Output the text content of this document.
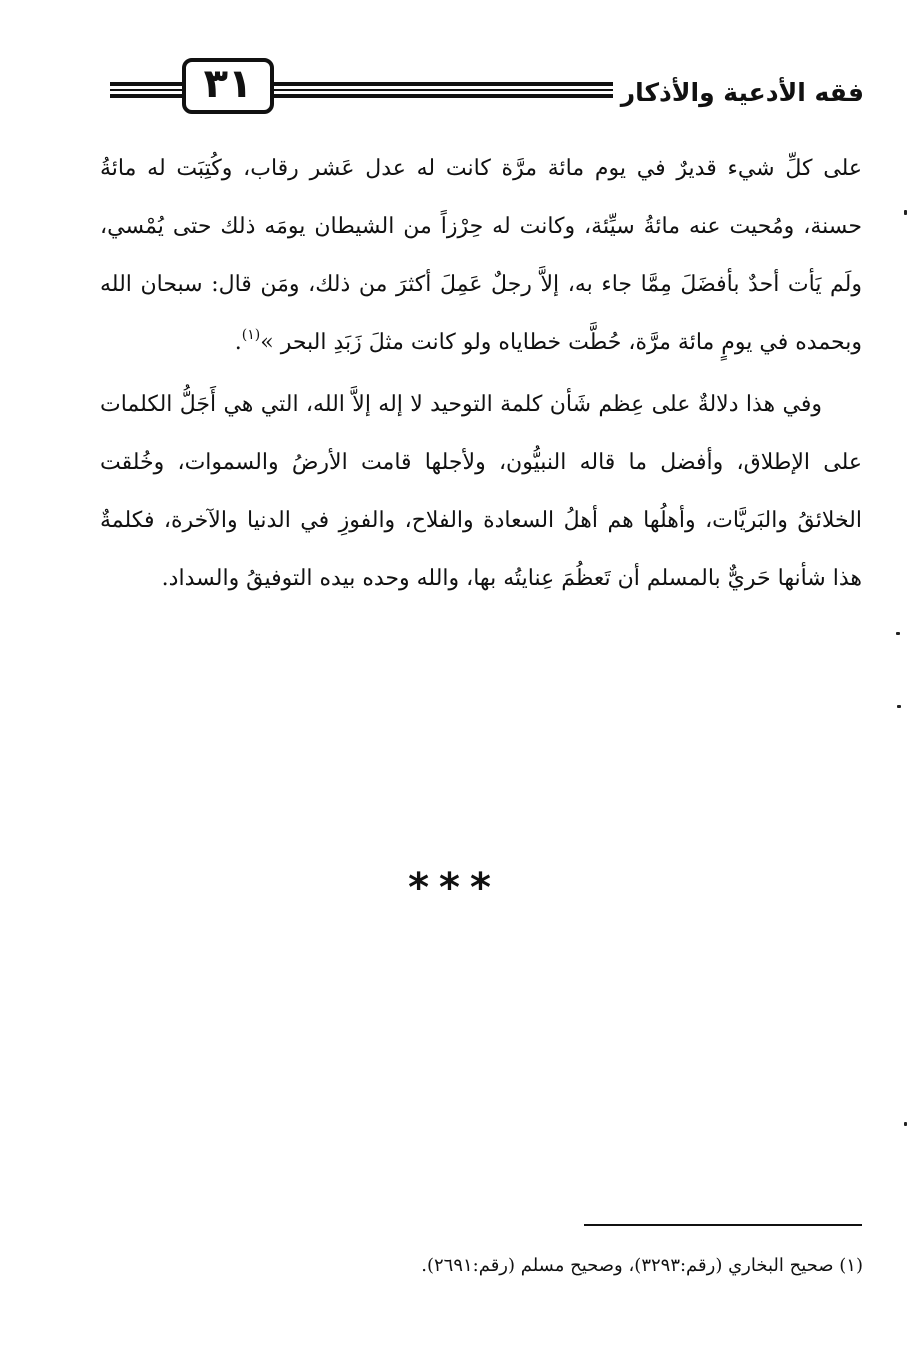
٣١	فقه الأدعية والأذكار

على كلِّ شيء قديرٌ في يوم مائة مرَّة كانت له عدل عَشر رقاب، وكُتِبَت له مائةُ حسنة، ومُحيت عنه مائةُ سيِّئة، وكانت له حِرْزاً من الشيطان يومَه ذلك حتى يُمْسي، ولَم يَأت أحدٌ بأفضَلَ مِمَّا جاء به، إلاَّ رجلٌ عَمِلَ أكثرَ من ذلك، ومَن قال: سبحان الله وبحمده في يومٍ مائة مرَّة، حُطَّت خطاياه ولو كانت مثلَ زَبَدِ البحر »$^{(١)}$.

وفي هذا دلالةٌ على عِظم شَأن كلمة التوحيد لا إله إلاَّ الله، التي هي أَجَلُّ الكلمات على الإطلاق، وأفضل ما قاله النبيُّون، ولأجلها قامت الأرضُ والسموات، وخُلقت الخلائقُ والبَريَّات، وأهلُها هم أهلُ السعادة والفلاح، والفوزِ في الدنيا والآخرة، فكلمةٌ هذا شأنها حَريٌّ بالمسلم أن تَعظُمَ عِنايتُه بها، والله وحده بيده التوفيقُ والسداد.

***
(١) صحيح البخاري (رقم:٣٢٩٣)، وصحيح مسلم (رقم:٢٦٩١).
